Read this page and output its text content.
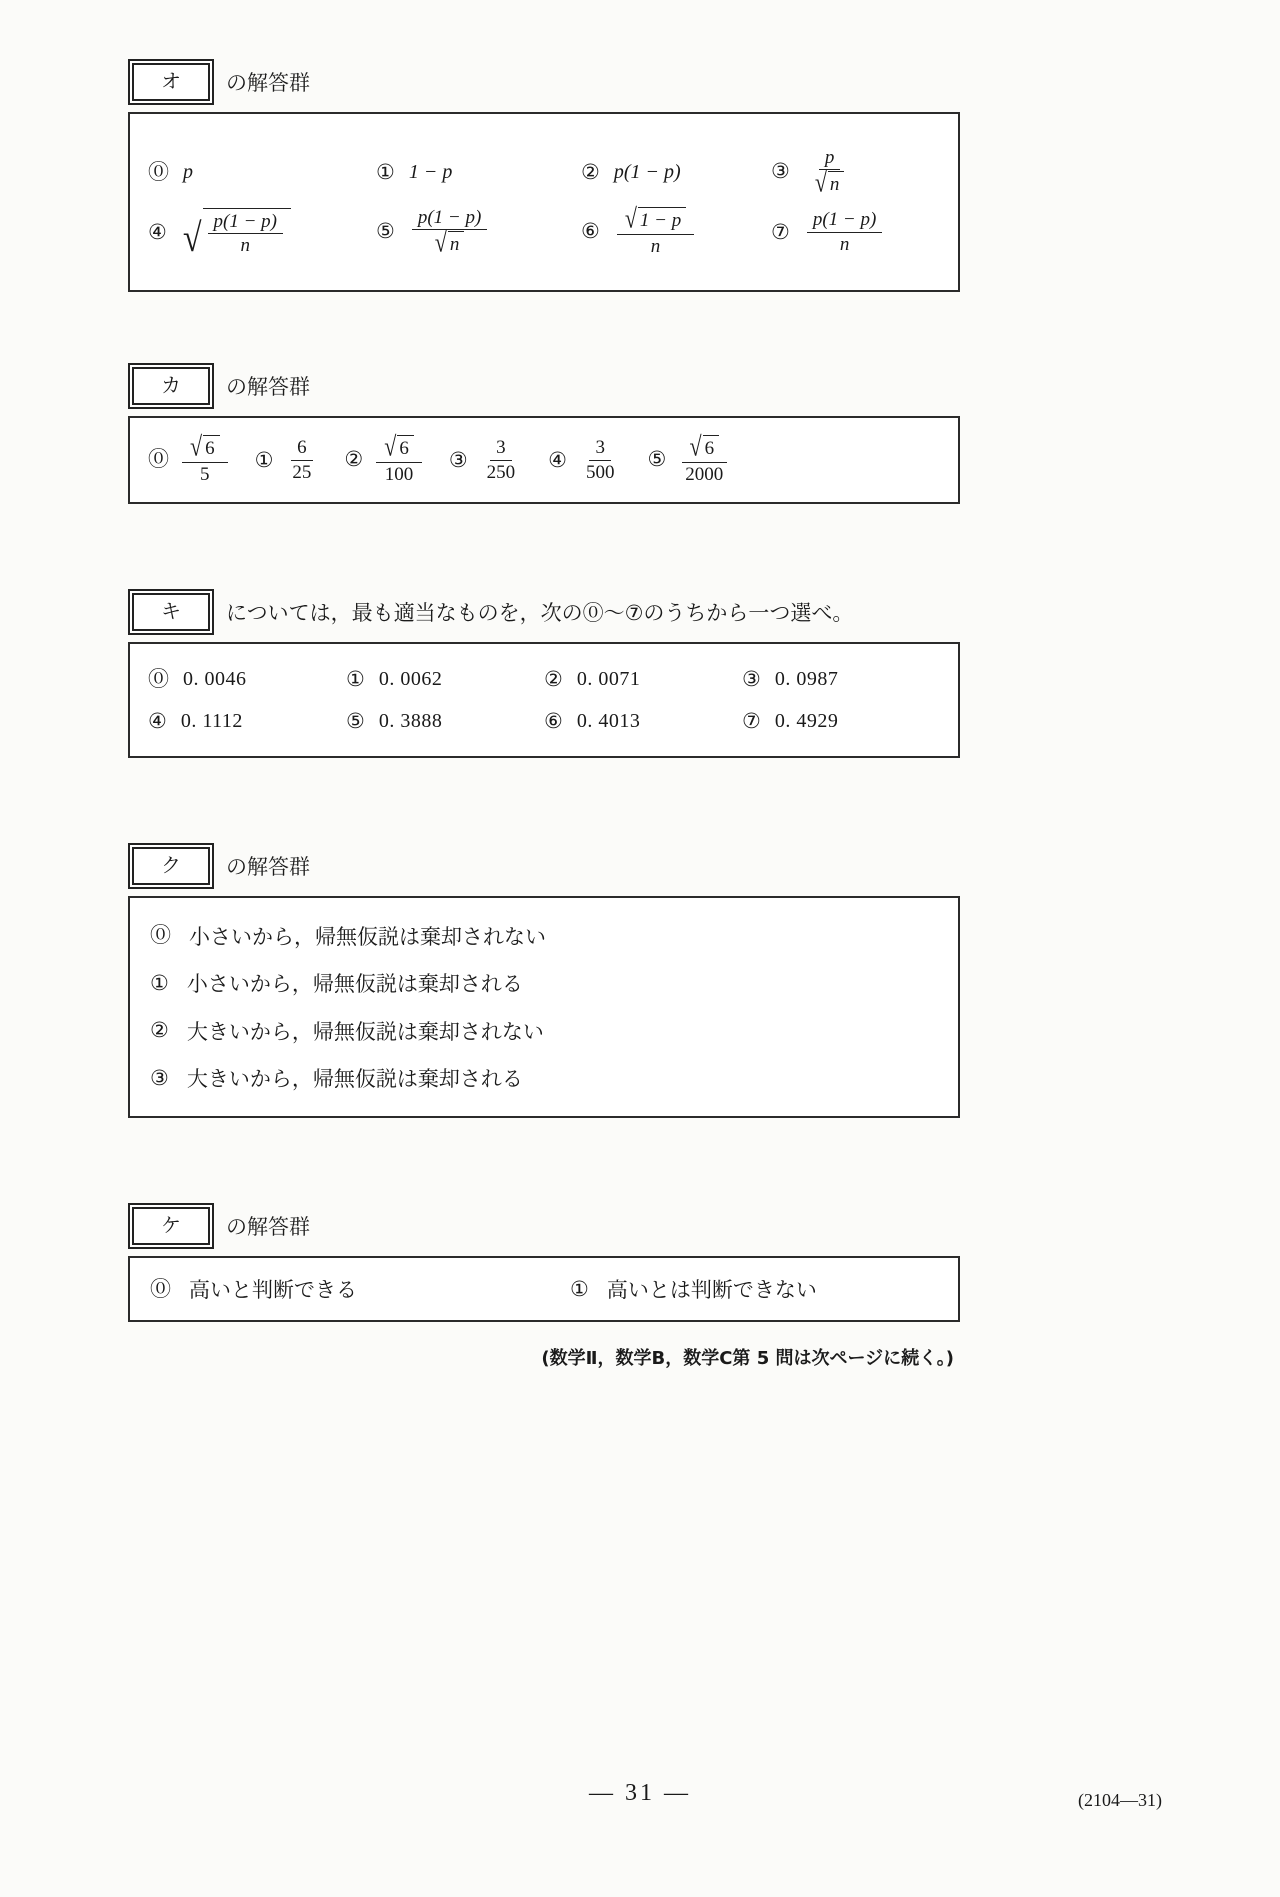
オ の解答群
⓪ p	① 1 − p	② p(1 − p)	③ $\frac{p}{√ n}$
④ √ $\frac{p(1 - p)}{n}$	⑤ $\frac{p(1 - p)}{√ n}$	⑥ $\frac{√ 1 - p}{n}$	⑦ $\frac{p(1 - p)}{n}$
カ の解答群
⓪ $\frac{√ 6}{5}$ ① $\frac{6}{25}$ ② $\frac{√ 6}{100}$ ③ $\frac{3}{250}$ ④ $\frac{3}{500}$ ⑤ $\frac{√ 6}{2000}$
キ については，最も適当なものを，次の⓪〜⑦のうちから一つ選べ。
⓪ 0. 0046	① 0. 0062	② 0. 0071	③ 0. 0987
④ 0. 1112	⑤ 0. 3888	⑥ 0. 4013	⑦ 0. 4929
ク の解答群
⓪ 小さいから，帰無仮説は棄却されない
① 小さいから，帰無仮説は棄却される
② 大きいから，帰無仮説は棄却されない
③ 大きいから，帰無仮説は棄却される
ケ の解答群
⓪ 高いと判断できる	① 高いとは判断できない
(数学Ⅱ，数学B，数学C第 5 問は次ページに続く。)
— 31 —	(2104—31)
